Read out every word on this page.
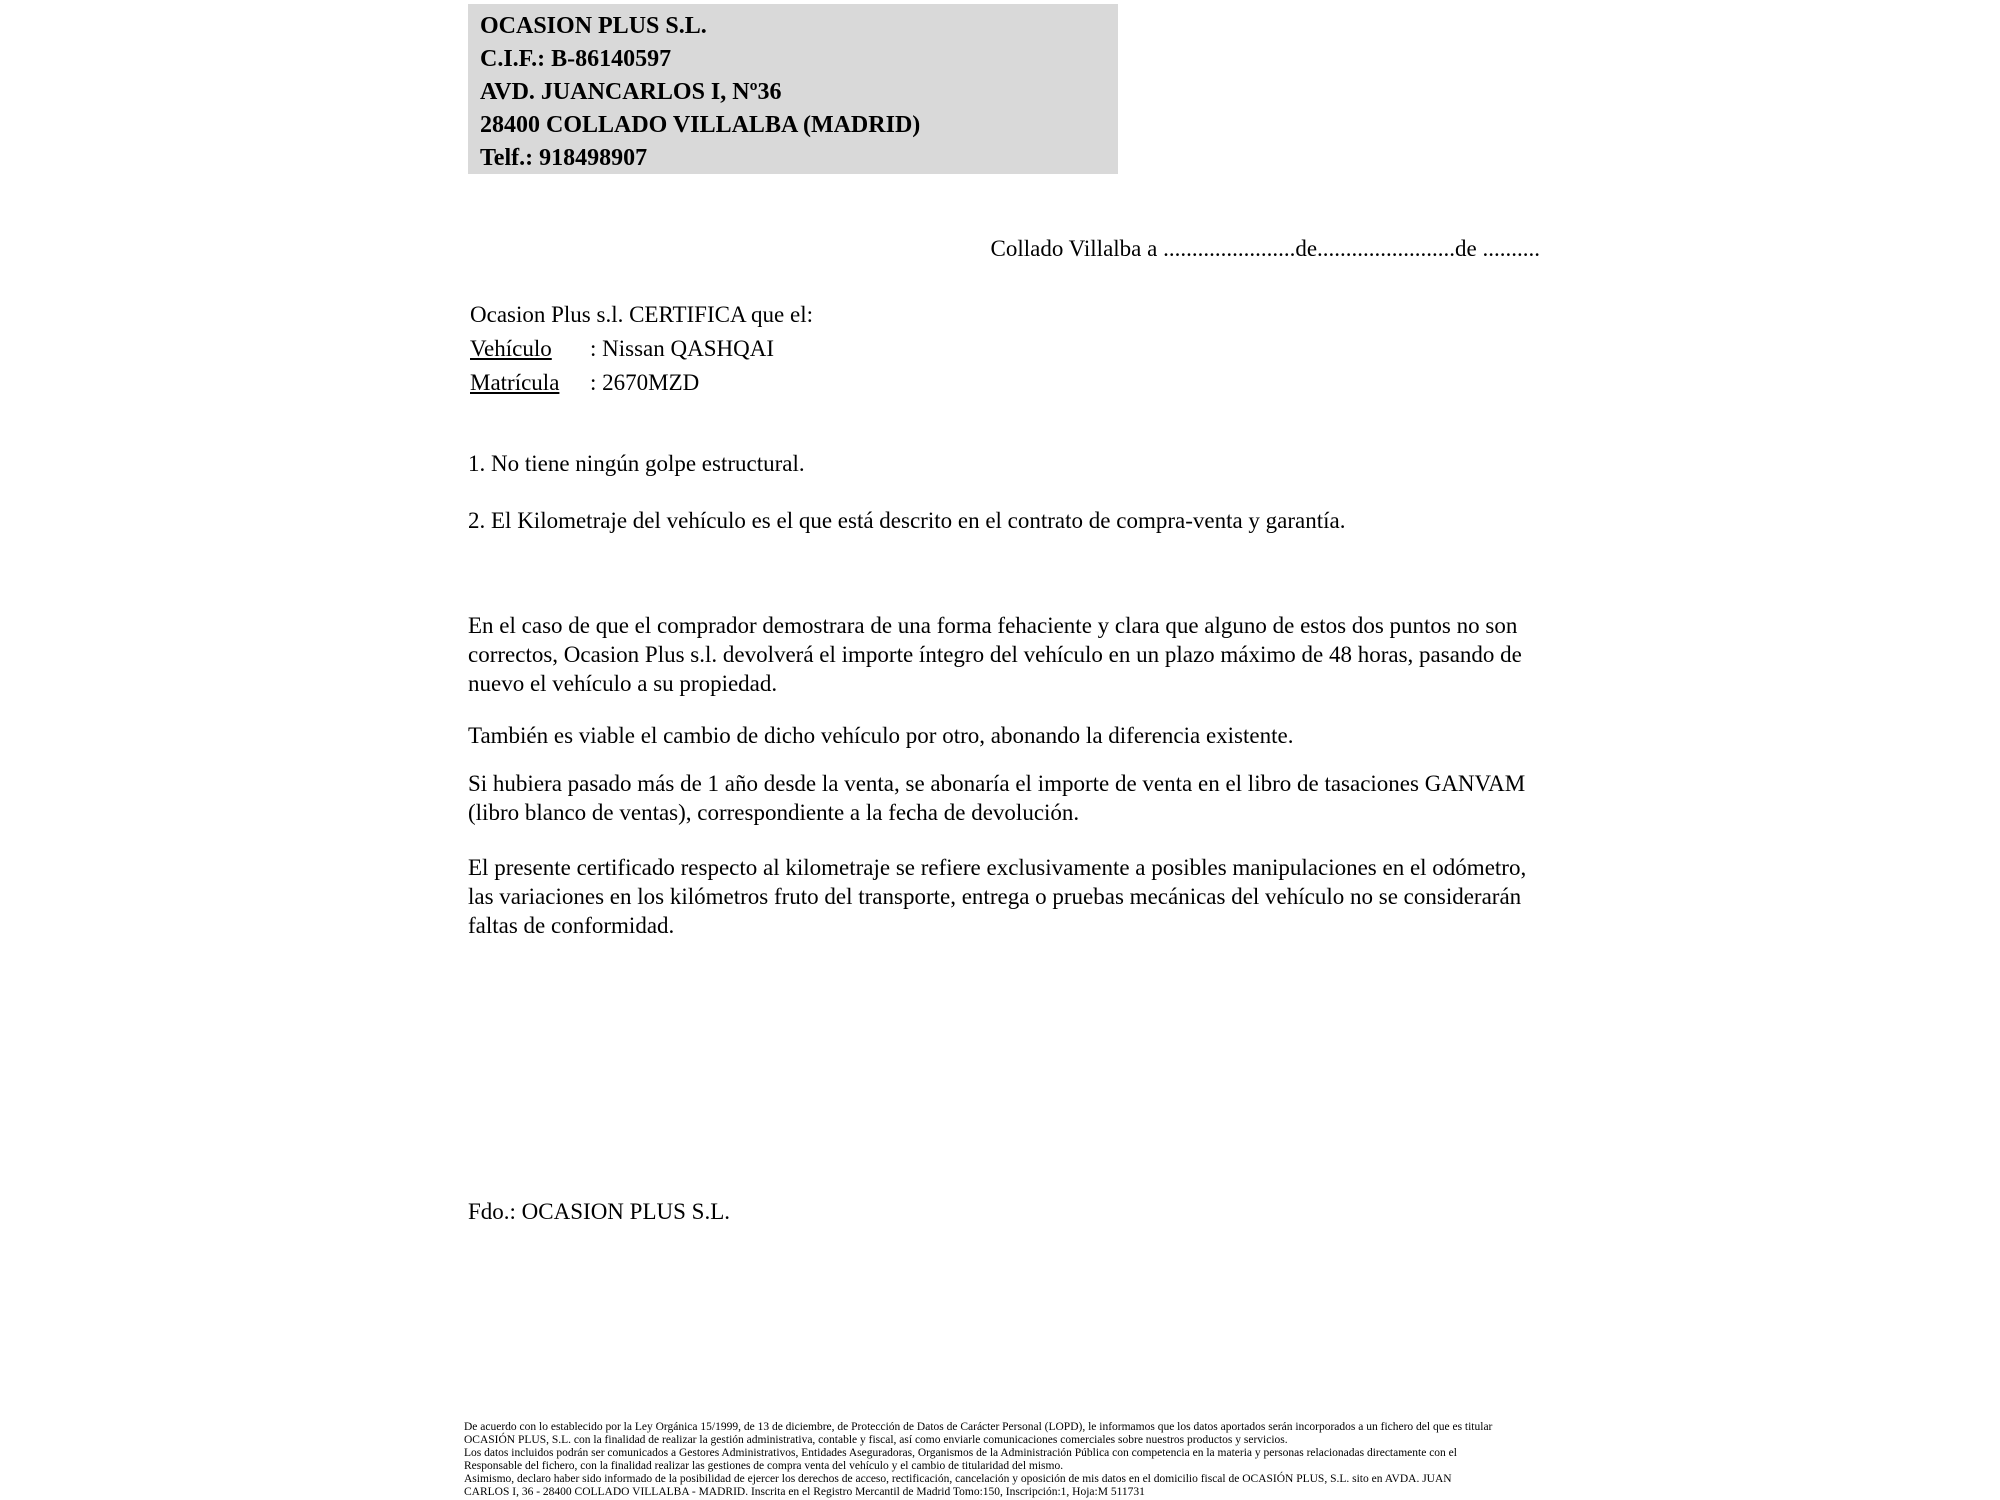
OCASION PLUS S.L.
C.I.F.: B-86140597
AVD. JUANCARLOS I, Nº36
28400 COLLADO VILLALBA (MADRID)
Telf.: 918498907
Collado Villalba a .......................de........................de ..........
Ocasion Plus s.l. CERTIFICA que el:
Vehículo : Nissan QASHQAI
Matrícula : 2670MZD
1. No tiene ningún golpe estructural.
2. El Kilometraje del vehículo es el que está descrito en el contrato de compra-venta y garantía.
En el caso de que el comprador demostrara de una forma fehaciente y clara que alguno de estos dos puntos no son correctos, Ocasion Plus s.l. devolverá el importe íntegro del vehículo en un plazo máximo de 48 horas, pasando de nuevo el vehículo a su propiedad.
También es viable el cambio de dicho vehículo por otro, abonando la diferencia existente.
Si hubiera pasado más de 1 año desde la venta, se abonaría el importe de venta en el libro de tasaciones GANVAM (libro blanco de ventas), correspondiente a la fecha de devolución.
El presente certificado respecto al kilometraje se refiere exclusivamente a posibles manipulaciones en el odómetro, las variaciones en los kilómetros fruto del transporte, entrega o pruebas mecánicas del vehículo no se considerarán faltas de conformidad.
Fdo.: OCASION PLUS S.L.
De acuerdo con lo establecido por la Ley Orgánica 15/1999, de 13 de diciembre, de Protección de Datos de Carácter Personal (LOPD), le informamos que los datos aportados serán incorporados a un fichero del que es titular
OCASIÓN PLUS, S.L. con la finalidad de realizar la gestión administrativa, contable y fiscal, así como enviarle comunicaciones comerciales sobre nuestros productos y servicios.
Los datos incluidos podrán ser comunicados a Gestores Administrativos, Entidades Aseguradoras, Organismos de la Administración Pública con competencia en la materia y personas relacionadas directamente con el
Responsable del fichero, con la finalidad realizar las gestiones de compra venta del vehículo y el cambio de titularidad del mismo.
Asimismo, declaro haber sido informado de la posibilidad de ejercer los derechos de acceso, rectificación, cancelación y oposición de mis datos en el domicilio fiscal de OCASIÓN PLUS, S.L. sito en AVDA. JUAN
CARLOS I, 36 - 28400 COLLADO VILLALBA - MADRID. Inscrita en el Registro Mercantil de Madrid Tomo:150, Inscripción:1, Hoja:M 511731
